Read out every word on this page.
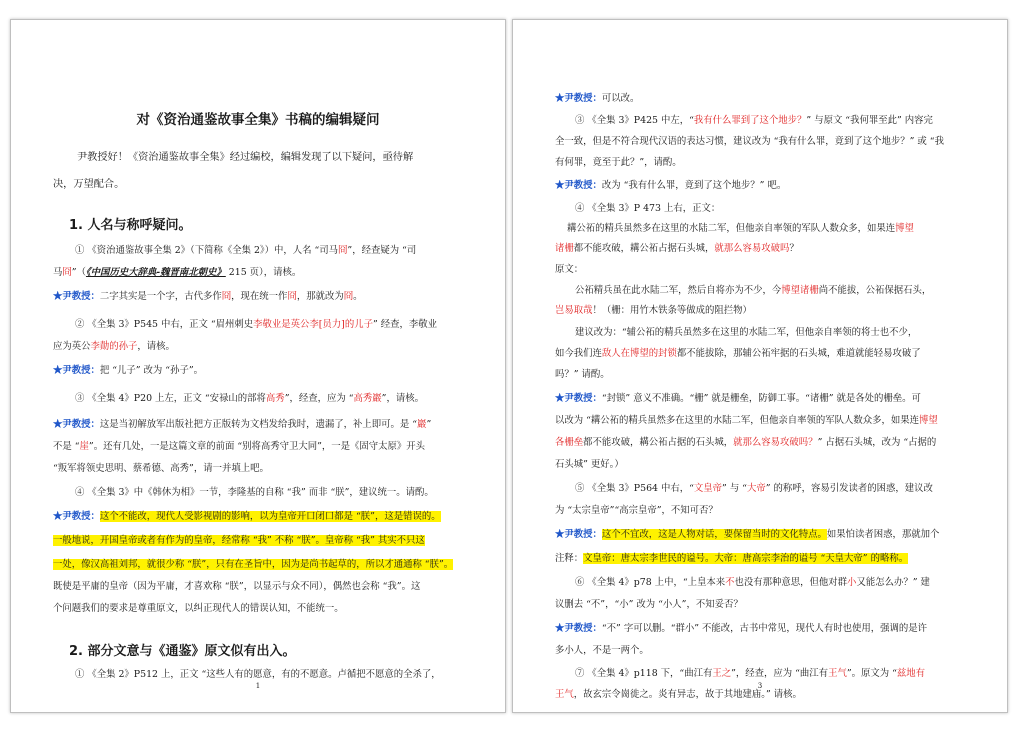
对《资治通鉴故事全集》书稿的编辑疑问
尹教授好！《资治通鉴故事全集》经过编校，编辑发现了以下疑问，亟待解
决，万望配合。
1. 人名与称呼疑问。
① 《资治通鉴故事全集 2》（下简称《全集 2》）中，人名 “司马冏”，经查疑为 “司
马冏”（《中国历史大辞典-魏晋南北朝史》 215 页），请核。
★尹教授：二字其实是一个字，古代多作冏，现在统一作冏，那就改为冏。
② 《全集 3》P545 中右，正文 “眉州刺史李敬业是英公李[员力]的儿子” 经查，李敬业
应为英公李勣的孙子，请核。
★尹教授：把 “儿子” 改为 “孙子”。
③ 《全集 4》P20 上左，正文 “安禄山的部将高秀”，经查，应为 “高秀巖”，请核。
★尹教授：这是当初解放军出版社把方正版转为文档发给我时，遗漏了，补上即可。是 “巖”
不是 “崖”。还有几处，一是这篇文章的前面 “别将高秀守卫大同”，一是《固守太原》开头
“叛军将领史思明、蔡希德、高秀”，请一并填上吧。
④ 《全集 3》中《韩休为相》一节，李隆基的自称 “我” 而非 “朕”，建议统一。请酌。
★尹教授：这个不能改，现代人受影视剧的影响，以为皇帝开口闭口都是 “朕”，这是错误的。
一般地说，开国皇帝或者有作为的皇帝，经常称 “我” 不称 “朕”。皇帝称 “我” 其实不只这
一处，像汉高祖刘邦，就很少称 “朕”，只有在圣旨中，因为是尚书起草的，所以才通通称 “朕”。
既使是平庸的皇帝（因为平庸，才喜欢称 “朕”，以显示与众不同），偶然也会称 “我”。这
个问题我们的要求是尊重原文，以纠正现代人的错误认知，不能统一。
2. 部分文意与《通鉴》原文似有出入。
① 《全集 2》P512 上，正文 “这些人有的愿意，有的不愿意。卢循把不愿意的全杀了，
1
★尹教授：可以改。
③ 《全集 3》P425 中左，“我有什么罪到了这个地步？” 与原文 “我何罪至此” 内容完
全一致，但是不符合现代汉语的表达习惯，建议改为 “我有什么罪，竟到了这个地步？” 或 “我
有何罪，竟至于此？”，请酌。
★尹教授：改为 “我有什么罪，竟到了这个地步？” 吧。
④ 《全集 3》P 473 上右，正文：
耩公祏的精兵虽然多在这里的水陆二军，但他亲自率领的军队人数众多，如果连博望
诸栅都不能攻破，耩公祏占据石头城，就那么容易攻破吗？
原文：
公祏精兵虽在此水陆二军，然后自将亦为不少，今博望诸栅尚不能拔，公祏保据石头，
岂易取哉！（栅：用竹木铁条等做成的阻拦物）
建议改为：“辅公祏的精兵虽然多在这里的水陆二军，但他亲自率领的将士也不少，
如今我们连敌人在博望的封锁都不能拔除，那辅公祏牢据的石头城，难道就能轻易攻破了
吗？” 请酌。
★尹教授：“封锁” 意义不准确。“栅” 就是栅垒，防御工事。“诸栅” 就是各处的栅垒。可
以改为 “耩公祏的精兵虽然多在这里的水陆二军，但他亲自率领的军队人数众多，如果连博望
各栅垒都不能攻破，耩公祏占据的石头城，就那么容易攻破吗？” 占据石头城，改为 “占据的
石头城” 更好。）
⑤ 《全集 3》P564 中右，“文皇帝” 与 “大帝” 的称呼，容易引发读者的困惑，建议改
为 “太宗皇帝”“高宗皇帝”，不知可否？
★尹教授：这个不宜改，这是人物对话，要保留当时的文化特点。如果怕读者困惑，那就加个
注释：文皇帝：唐太宗李世民的谥号。大帝：唐高宗李治的谥号 “天皇大帝” 的略称。
⑥ 《全集 4》p78 上中，“上皇本来不也没有那种意思，但他对群小又能怎么办？” 建
议删去 “不”，“小” 改为 “小人”，不知妥否？
★尹教授：“不” 字可以删。“群小” 不能改，古书中常见，现代人有时也使用，强调的是许
多小人，不是一两个。
⑦ 《全集 4》p118 下，“曲江有王之”，经查，应为 “曲江有王气”。原文为 “兹地有
王气，故玄宗令崗徙之。炎有异志，故于其地建庙。” 请核。
3
